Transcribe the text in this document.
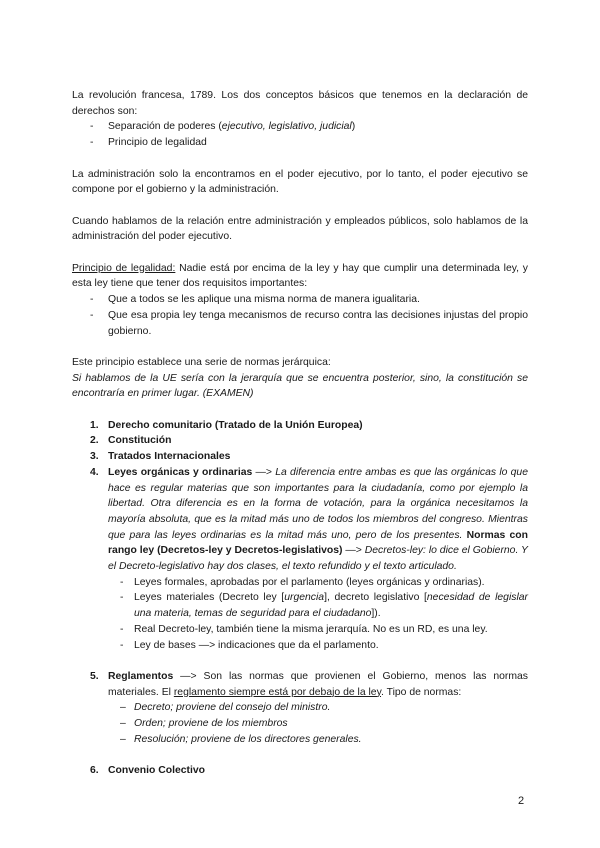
La revolución francesa, 1789. Los dos conceptos básicos que tenemos en la declaración de derechos son:

- Separación de poderes (ejecutivo, legislativo, judicial)
- Principio de legalidad

La administración solo la encontramos en el poder ejecutivo, por lo tanto, el poder ejecutivo se compone por el gobierno y la administración.

Cuando hablamos de la relación entre administración y empleados públicos, solo hablamos de la administración del poder ejecutivo.

Principio de legalidad: Nadie está por encima de la ley y hay que cumplir una determinada ley, y esta ley tiene que tener dos requisitos importantes:

- Que a todos se les aplique una misma norma de manera igualitaria.
- Que esa propia ley tenga mecanismos de recurso contra las decisiones injustas del propio gobierno.

Este principio establece una serie de normas jerárquica:

Si hablamos de la UE sería con la jerarquía que se encuentra posterior, sino, la constitución se encontraría en primer lugar. (EXAMEN)

1. Derecho comunitario (Tratado de la Unión Europea)
2. Constitución
3. Tratados Internacionales
4. Leyes orgánicas y ordinarias —> La diferencia entre ambas es que las orgánicas lo que hace es regular materias que son importantes para la ciudadanía, como por ejemplo la libertad. Otra diferencia es en la forma de votación, para la orgánica necesitamos la mayoría absoluta, que es la mitad más uno de todos los miembros del congreso. Mientras que para las leyes ordinarias es la mitad más uno, pero de los presentes. Normas con rango ley (Decretos-ley y Decretos-legislativos) —> Decretos-ley: lo dice el Gobierno. Y el Decreto-legislativo hay dos clases, el texto refundido y el texto articulado.
- Leyes formales, aprobadas por el parlamento (leyes orgánicas y ordinarias).
- Leyes materiales (Decreto ley [urgencia], decreto legislativo [necesidad de legislar una materia, temas de seguridad para el ciudadano]).
- Real Decreto-ley, también tiene la misma jerarquía. No es un RD, es una ley.
- Ley de bases —> indicaciones que da el parlamento.
5. Reglamentos —> Son las normas que provienen el Gobierno, menos las normas materiales. El reglamento siempre está por debajo de la ley. Tipo de normas:
– Decreto; proviene del consejo del ministro.
– Orden; proviene de los miembros
– Resolución; proviene de los directores generales.
6. Convenio Colectivo
2
